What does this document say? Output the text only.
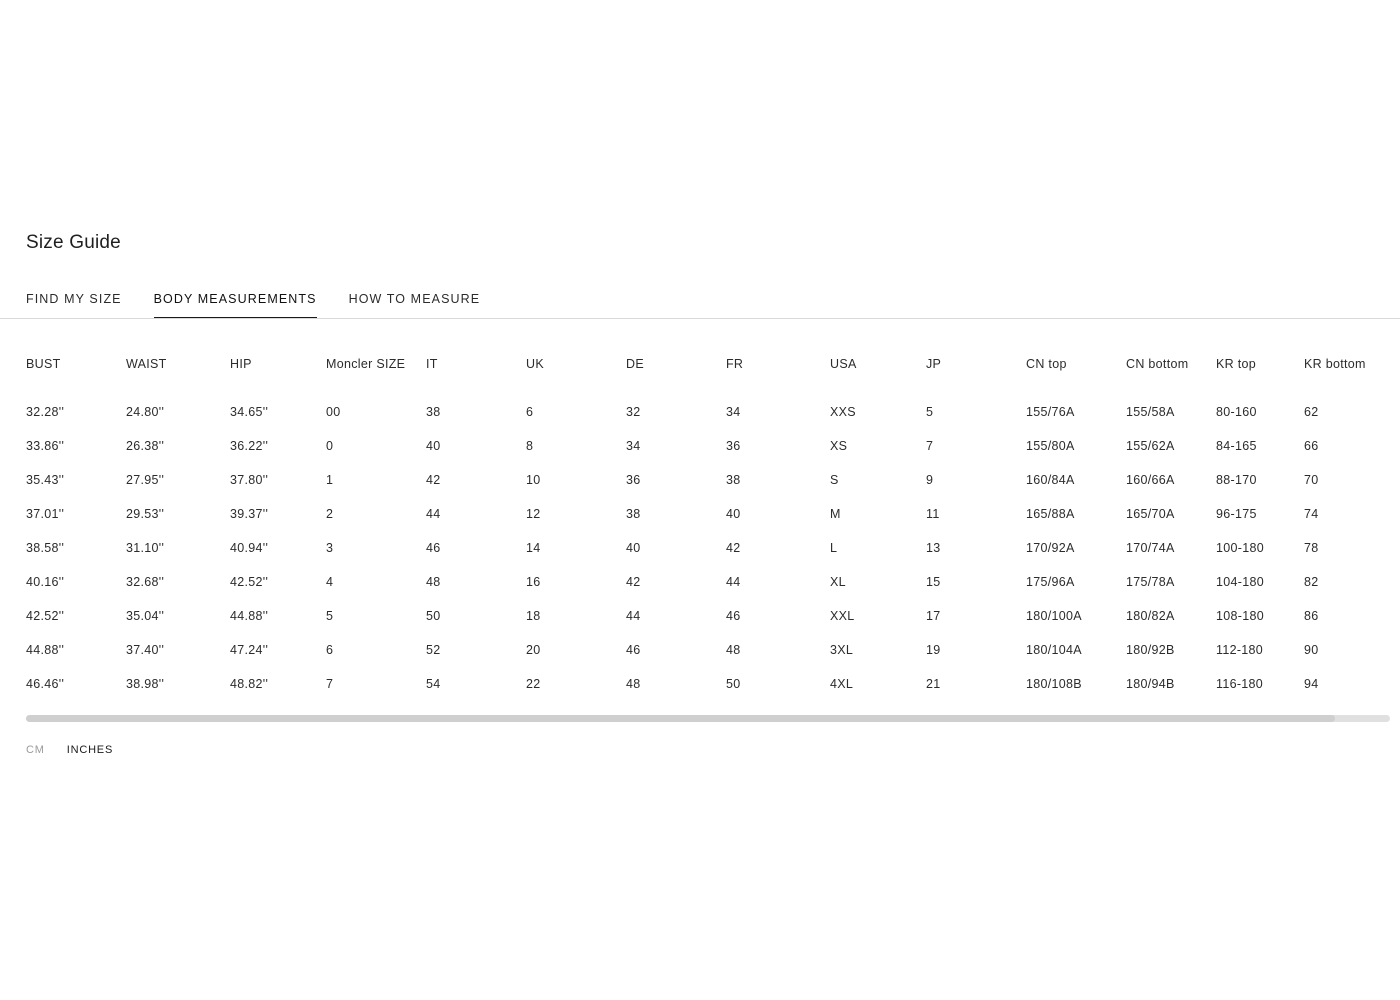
Size Guide
FIND MY SIZE	BODY MEASUREMENTS	HOW TO MEASURE
BUST	WAIST	HIP	Moncler SIZE	IT	UK	DE	FR	USA	JP	CN top	CN bottom	KR top	KR bottom
32.28''	24.80''	34.65''	00	38	6	32	34	XXS	5	155/76A	155/58A	80-160	62
33.86''	26.38''	36.22''	0	40	8	34	36	XS	7	155/80A	155/62A	84-165	66
35.43''	27.95''	37.80''	1	42	10	36	38	S	9	160/84A	160/66A	88-170	70
37.01''	29.53''	39.37''	2	44	12	38	40	M	11	165/88A	165/70A	96-175	74
38.58''	31.10''	40.94''	3	46	14	40	42	L	13	170/92A	170/74A	100-180	78
40.16''	32.68''	42.52''	4	48	16	42	44	XL	15	175/96A	175/78A	104-180	82
42.52''	35.04''	44.88''	5	50	18	44	46	XXL	17	180/100A	180/82A	108-180	86
44.88''	37.40''	47.24''	6	52	20	46	48	3XL	19	180/104A	180/92B	112-180	90
46.46''	38.98''	48.82''	7	54	22	48	50	4XL	21	180/108B	180/94B	116-180	94
CM INCHES
